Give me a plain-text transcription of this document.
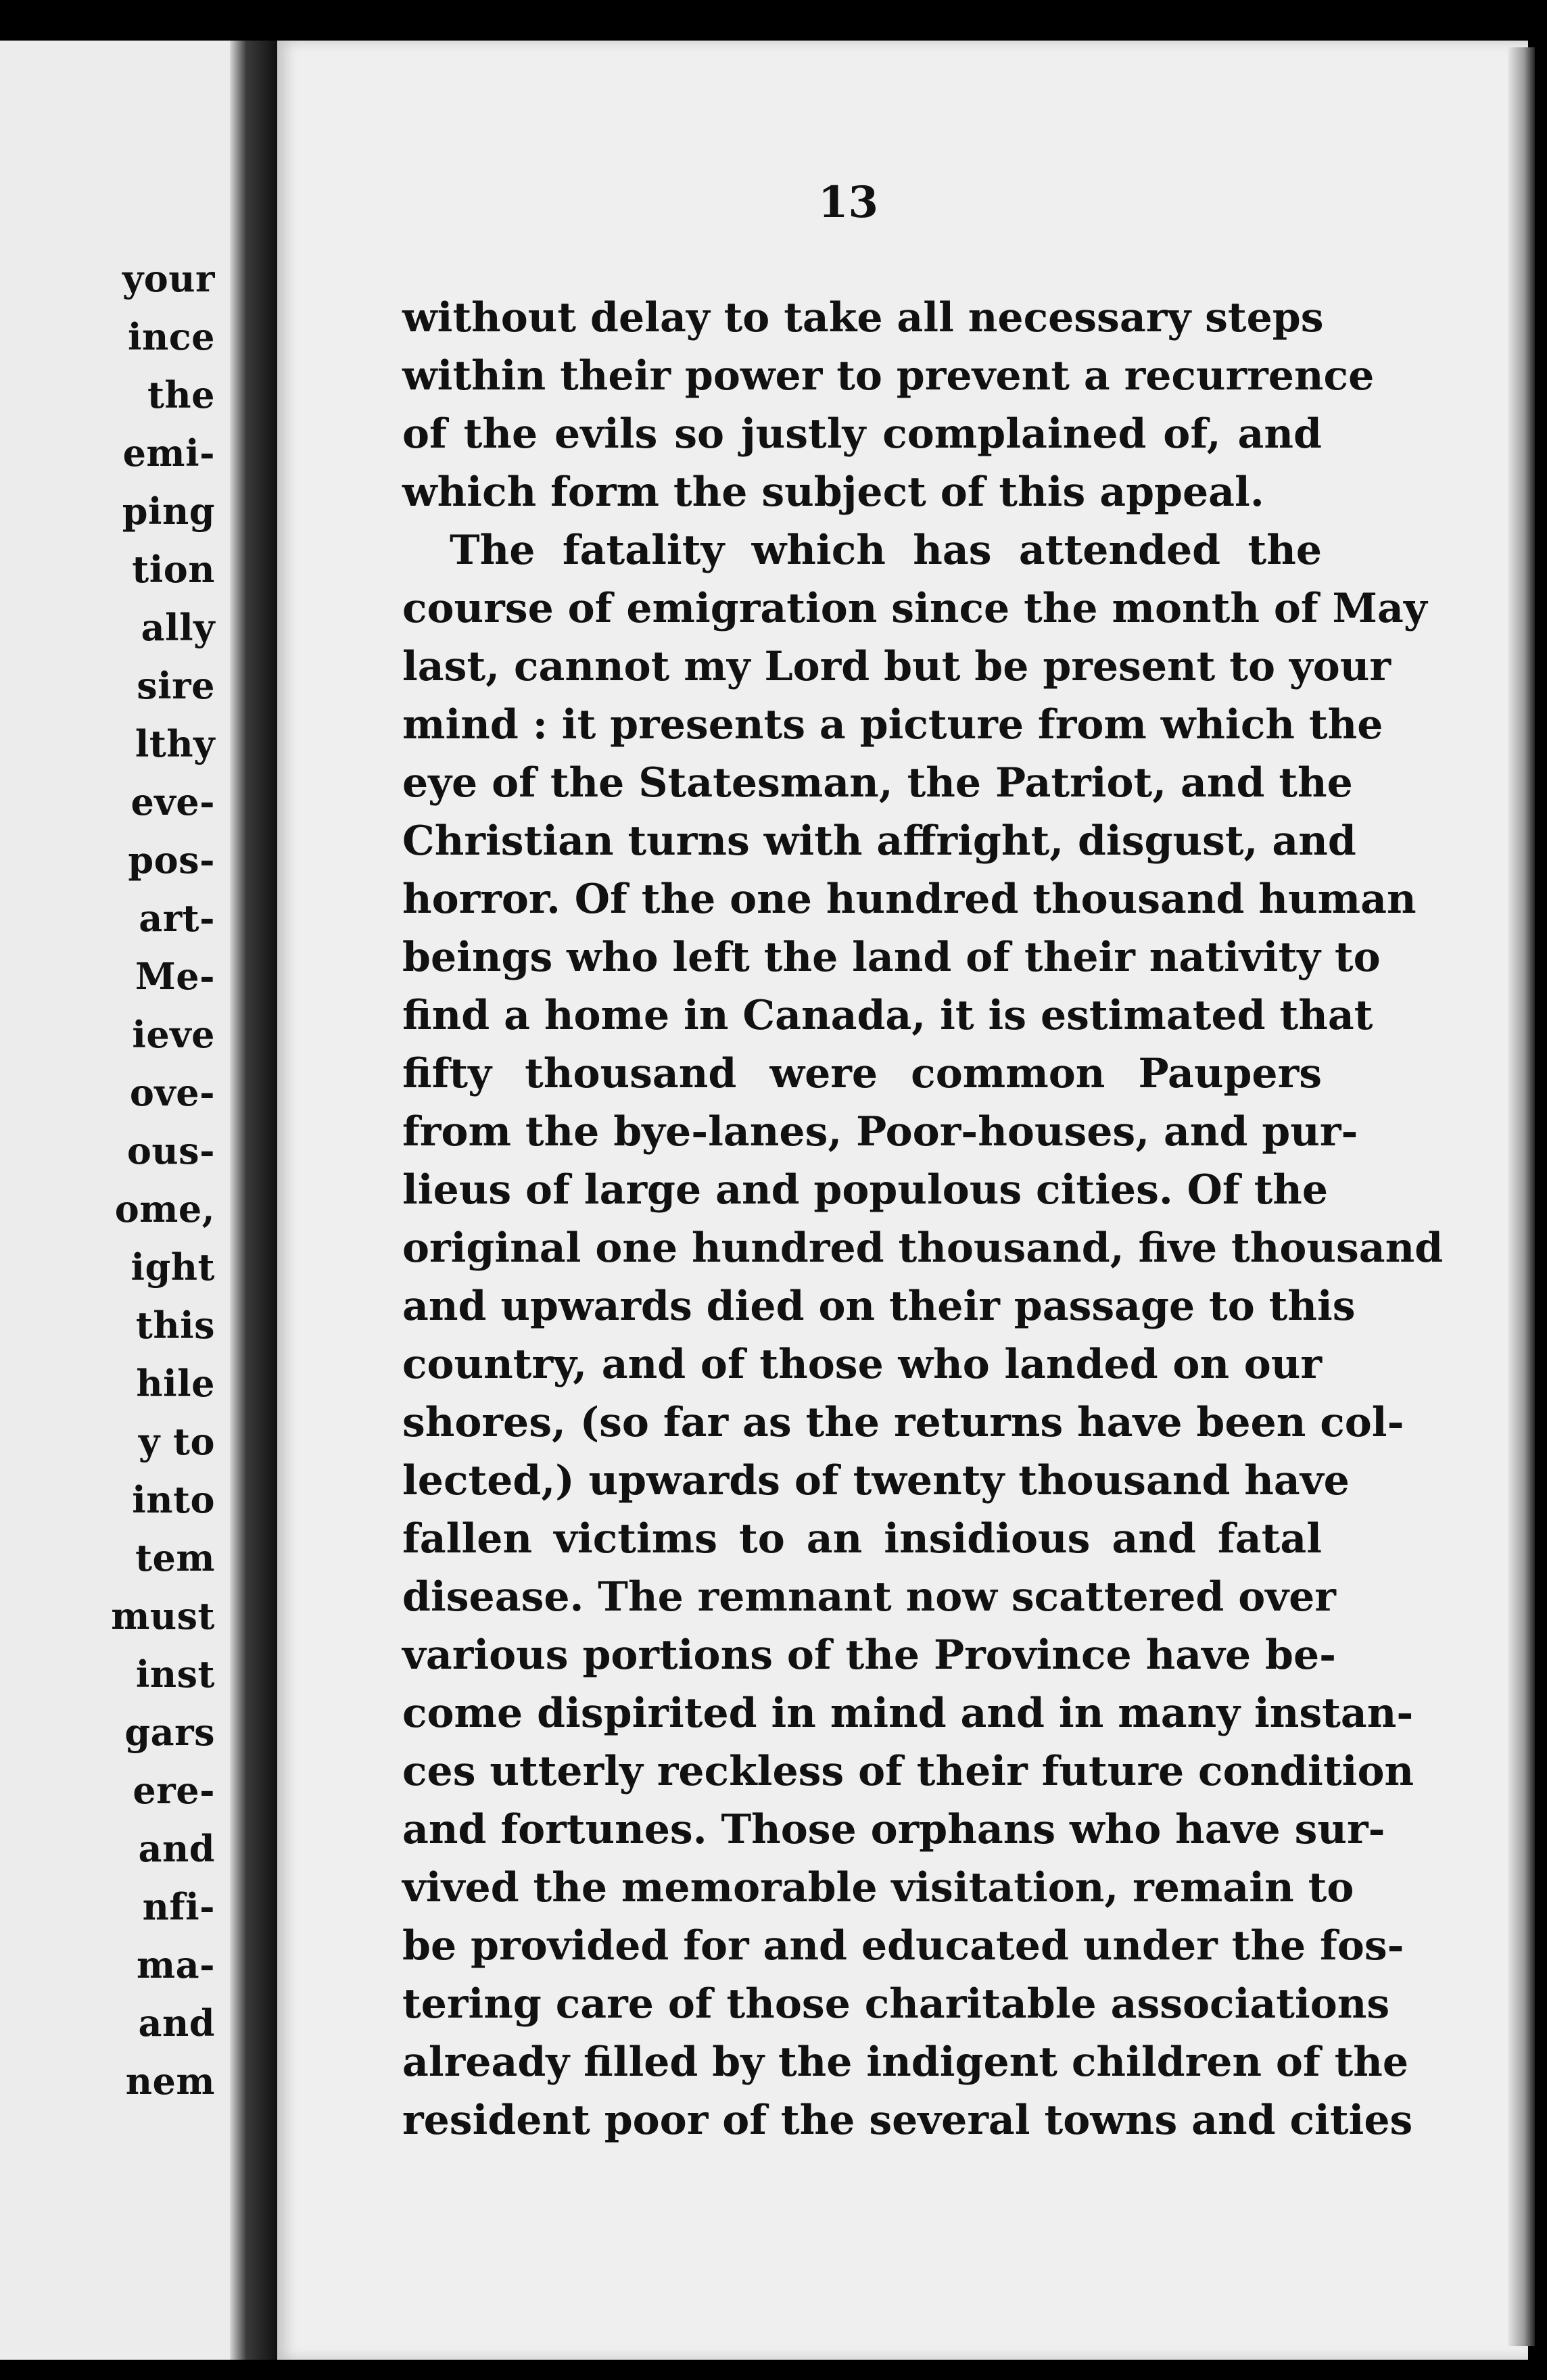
your
ince
the
emi-
ping
tion
ally
sire
lthy
eve-
pos-
art-
Me-
ieve
ove-
ous-
ome,
ight
this
hile
y to
into
tem
must
inst
gars
ere-
and
nfi-
ma-
and
nem
13
without delay to take all necessary steps
within their power to prevent a recurrence
of the evils so justly complained of, and
which form the subject of this appeal.
The fatality which has attended the
course of emigration since the month of May
last, cannot my Lord but be present to your
mind : it presents a picture from which the
eye of the Statesman, the Patriot, and the
Christian turns with affright, disgust, and
horror. Of the one hundred thousand human
beings who left the land of their nativity to
find a home in Canada, it is estimated that
fifty thousand were common Paupers
from the bye-lanes, Poor-houses, and pur-
lieus of large and populous cities. Of the
original one hundred thousand, five thousand
and upwards died on their passage to this
country, and of those who landed on our
shores, (so far as the returns have been col-
lected,) upwards of twenty thousand have
fallen victims to an insidious and fatal
disease. The remnant now scattered over
various portions of the Province have be-
come dispirited in mind and in many instan-
ces utterly reckless of their future condition
and fortunes. Those orphans who have sur-
vived the memorable visitation, remain to
be provided for and educated under the fos-
tering care of those charitable associations
already filled by the indigent children of the
resident poor of the several towns and cities
